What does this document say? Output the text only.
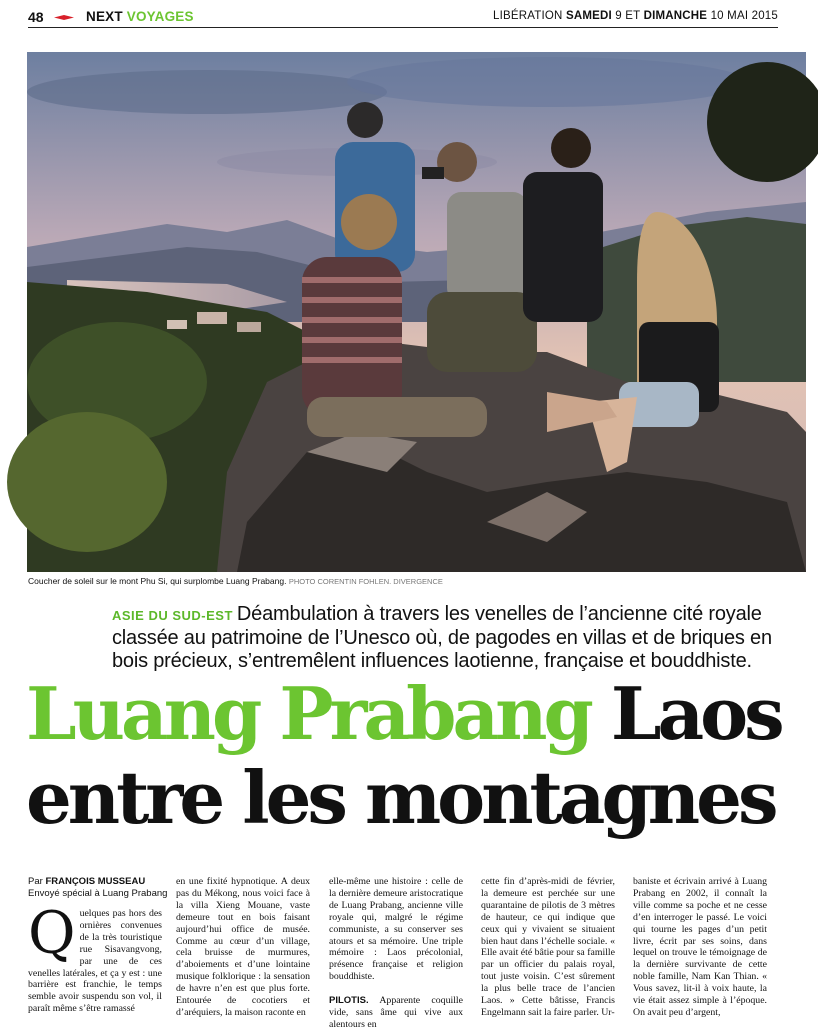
48	NEXT VOYAGES	LIBÉRATION SAMEDI 9 ET DIMANCHE 10 MAI 2015
Coucher de soleil sur le mont Phu Si, qui surplombe Luang Prabang. PHOTO CORENTIN FOHLEN. DIVERGENCE
ASIE DU SUD-EST Déambulation à travers les venelles de l’ancienne cité royale classée au patrimoine de l’Unesco où, de pagodes en villas et de briques en bois précieux, s’entremêlent influences laotienne, française et bouddhiste.
Luang Prabang Laos
entre les montagnes
Par FRANÇOIS MUSSEAU
Envoyé spécial à Luang Prabang
Quelques pas hors des ornières convenues de la très touristique rue Sisavangvong, par une de ces venelles latérales, et ça y est : une barrière est franchie, le temps semble avoir suspendu son vol, il paraît même s’être ramassé
en une fixité hypnotique. A deux pas du Mékong, nous voici face à la villa Xieng Mouane, vaste demeure tout en bois faisant aujourd’hui office de musée. Comme au cœur d’un village, cela bruisse de murmures, d’aboiements et d’une lointaine musique folklorique : la sensation de havre n’en est que plus forte. Entourée de cocotiers et d’aréquiers, la maison raconte en
elle-même une histoire : celle de la dernière demeure aristocratique de Luang Prabang, ancienne ville royale qui, malgré le régime communiste, a su conserver ses atours et sa mémoire. Une triple mémoire : Laos précolonial, présence française et religion bouddhiste.

PILOTIS. Apparente coquille vide, sans âme qui vive aux alentours en
cette fin d’après-midi de février, la demeure est perchée sur une quarantaine de pilotis de 3 mètres de hauteur, ce qui indique que ceux qui y vivaient se situaient bien haut dans l’échelle sociale. « Elle avait été bâtie pour sa famille par un officier du palais royal, tout juste voisin. C’est sûrement la plus belle trace de l’ancien Laos. » Cette bâtisse, Francis Engelmann sait la faire parler. Ur-
baniste et écrivain arrivé à Luang Prabang en 2002, il connaît la ville comme sa poche et ne cesse d’en interroger le passé. Le voici qui tourne les pages d’un petit livre, écrit par ses soins, dans lequel on trouve le témoignage de la dernière survivante de cette noble famille, Nam Kan Thian. « Vous savez, lit-il à voix haute, la vie était assez simple à l’époque. On avait peu d’argent,
